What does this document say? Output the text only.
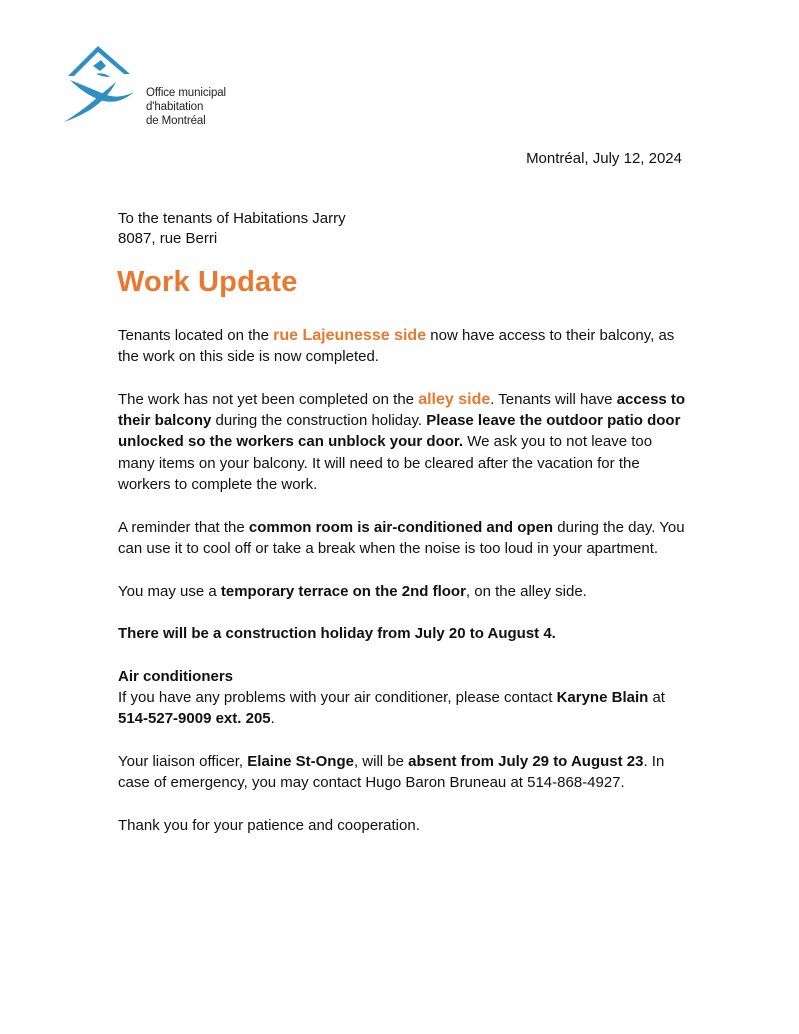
Office municipal
d'habitation
de Montréal
Montréal, July 12, 2024
To the tenants of Habitations Jarry
8087, rue Berri
Work Update

Tenants located on the rue Lajeunesse side now have access to their balcony, as the work on this side is now completed.

The work has not yet been completed on the alley side. Tenants will have access to their balcony during the construction holiday. Please leave the outdoor patio door unlocked so the workers can unblock your door. We ask you to not leave too many items on your balcony. It will need to be cleared after the vacation for the workers to complete the work.

A reminder that the common room is air-conditioned and open during the day. You can use it to cool off or take a break when the noise is too loud in your apartment.

You may use a temporary terrace on the 2nd floor, on the alley side.

There will be a construction holiday from July 20 to August 4.

Air conditioners
If you have any problems with your air conditioner, please contact Karyne Blain at 514-527-9009 ext. 205.

Your liaison officer, Elaine St-Onge, will be absent from July 29 to August 23. In case of emergency, you may contact Hugo Baron Bruneau at 514-868-4927.

Thank you for your patience and cooperation.
